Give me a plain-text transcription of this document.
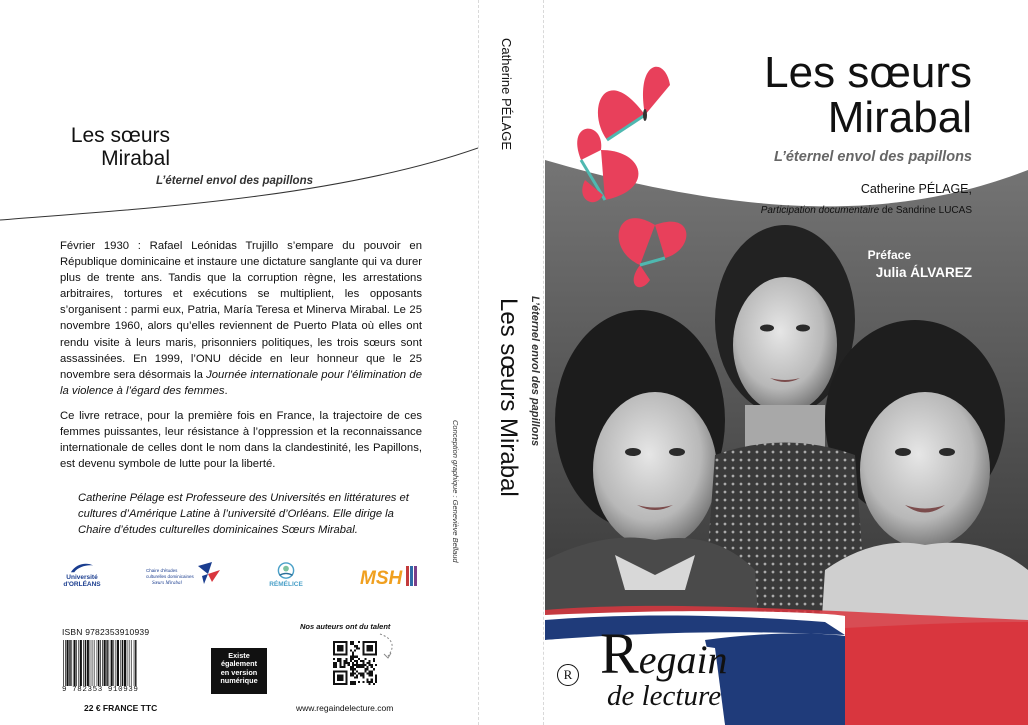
Les sœurs
Mirabal
L’éternel envol des papillons

Février 1930 : Rafael Leónidas Trujillo s’empare du pouvoir en République dominicaine et instaure une dictature sanglante qui va durer plus de trente ans. Tandis que la corruption règne, les arrestations arbitraires, tortures et exécutions se multiplient, les opposants s’organisent : parmi eux, Patria, María Teresa et Minerva Mirabal. Le 25 novembre 1960, alors qu’elles reviennent de Puerto Plata où elles ont rendu visite à leurs maris, prisonniers politiques, les trois sœurs sont assassinées. En 1999, l’ONU décide en leur honneur que le 25 novembre sera désormais la Journée internationale pour l’élimination de la violence à l’égard des femmes.

Ce livre retrace, pour la première fois en France, la trajectoire de ces femmes puissantes, leur résistance à l’oppression et la reconnaissance internationale de celles dont le nom dans la clandestinité, les Papillons, est devenu symbole de lutte pour la liberté.

Catherine Pélage est Professeure des Universités en littératures et cultures d’Amérique Latine à l’université d’Orléans. Elle dirige la Chaire d’études culturelles dominicaines Sœurs Mirabal.	Conception graphique : Geneviève Bellaud
Université d'ORLÉANS
Chaire d'études
culturelles dominicaines
Sœurs Mirabal	RÉMÉLICE	MSH
ISBN 9782353910939
9 782353 910939
22 € FRANCE TTC
Existe
également
en version
numérique
Nos auteurs ont du talent
www.regaindelecture.com
Catherine PÉLAGE
Les sœurs Mirabal L’éternel envol des papillons
Les sœurs
Mirabal
L’éternel envol des papillons
Catherine PÉLAGE,
Participation documentaire de Sandrine LUCAS
Préface
Julia ÁLVAREZ
R Regain
de lecture
